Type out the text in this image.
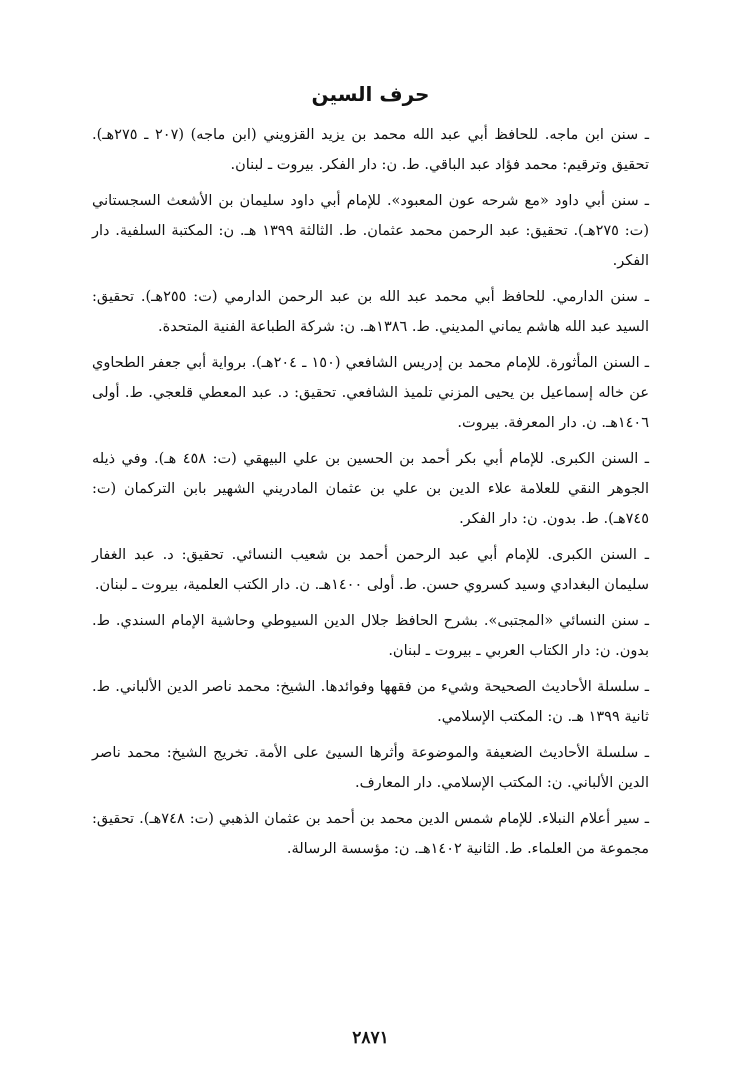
حرف السين

ـ سنن ابن ماجه. للحافظ أبي عبد الله محمد بن يزيد القزويني (ابن ماجه) (٢٠٧ ـ ٢٧٥هـ). تحقيق وترقيم: محمد فؤاد عبد الباقي. ط. ن: دار الفكر. بيروت ـ لبنان.

ـ سنن أبي داود «مع شرحه عون المعبود». للإمام أبي داود سليمان بن الأشعث السجستاني (ت: ٢٧٥هـ). تحقيق: عبد الرحمن محمد عثمان. ط. الثالثة ١٣٩٩ هـ. ن: المكتبة السلفية. دار الفكر.

ـ سنن الدارمي. للحافظ أبي محمد عبد الله بن عبد الرحمن الدارمي (ت: ٢٥٥هـ). تحقيق: السيد عبد الله هاشم يماني المديني. ط. ١٣٨٦هـ. ن: شركة الطباعة الفنية المتحدة.

ـ السنن المأثورة. للإمام محمد بن إدريس الشافعي (١٥٠ ـ ٢٠٤هـ). برواية أبي جعفر الطحاوي عن خاله إسماعيل بن يحيى المزني تلميذ الشافعي. تحقيق: د. عبد المعطي قلعجي. ط. أولى ١٤٠٦هـ. ن. دار المعرفة. بيروت.

ـ السنن الكبرى. للإمام أبي بكر أحمد بن الحسين بن علي البيهقي (ت: ٤٥٨ هـ). وفي ذيله الجوهر النقي للعلامة علاء الدين بن علي بن عثمان المادريني الشهير بابن التركمان (ت: ٧٤٥هـ). ط. بدون. ن: دار الفكر.

ـ السنن الكبرى. للإمام أبي عبد الرحمن أحمد بن شعيب النسائي. تحقيق: د. عبد الغفار سليمان البغدادي وسيد كسروي حسن. ط. أولى ١٤٠٠هـ. ن. دار الكتب العلمية، بيروت ـ لبنان.

ـ سنن النسائي «المجتبى». بشرح الحافظ جلال الدين السيوطي وحاشية الإمام السندي. ط. بدون. ن: دار الكتاب العربي ـ بيروت ـ لبنان.

ـ سلسلة الأحاديث الصحيحة وشيء من فقهها وفوائدها. الشيخ: محمد ناصر الدين الألباني. ط. ثانية ١٣٩٩ هـ. ن: المكتب الإسلامي.

ـ سلسلة الأحاديث الضعيفة والموضوعة وأثرها السيئ على الأمة. تخريج الشيخ: محمد ناصر الدين الألباني. ن: المكتب الإسلامي. دار المعارف.

ـ سير أعلام النبلاء. للإمام شمس الدين محمد بن أحمد بن عثمان الذهبي (ت: ٧٤٨هـ). تحقيق: مجموعة من العلماء. ط. الثانية ١٤٠٢هـ. ن: مؤسسة الرسالة.

٢٨٧١
